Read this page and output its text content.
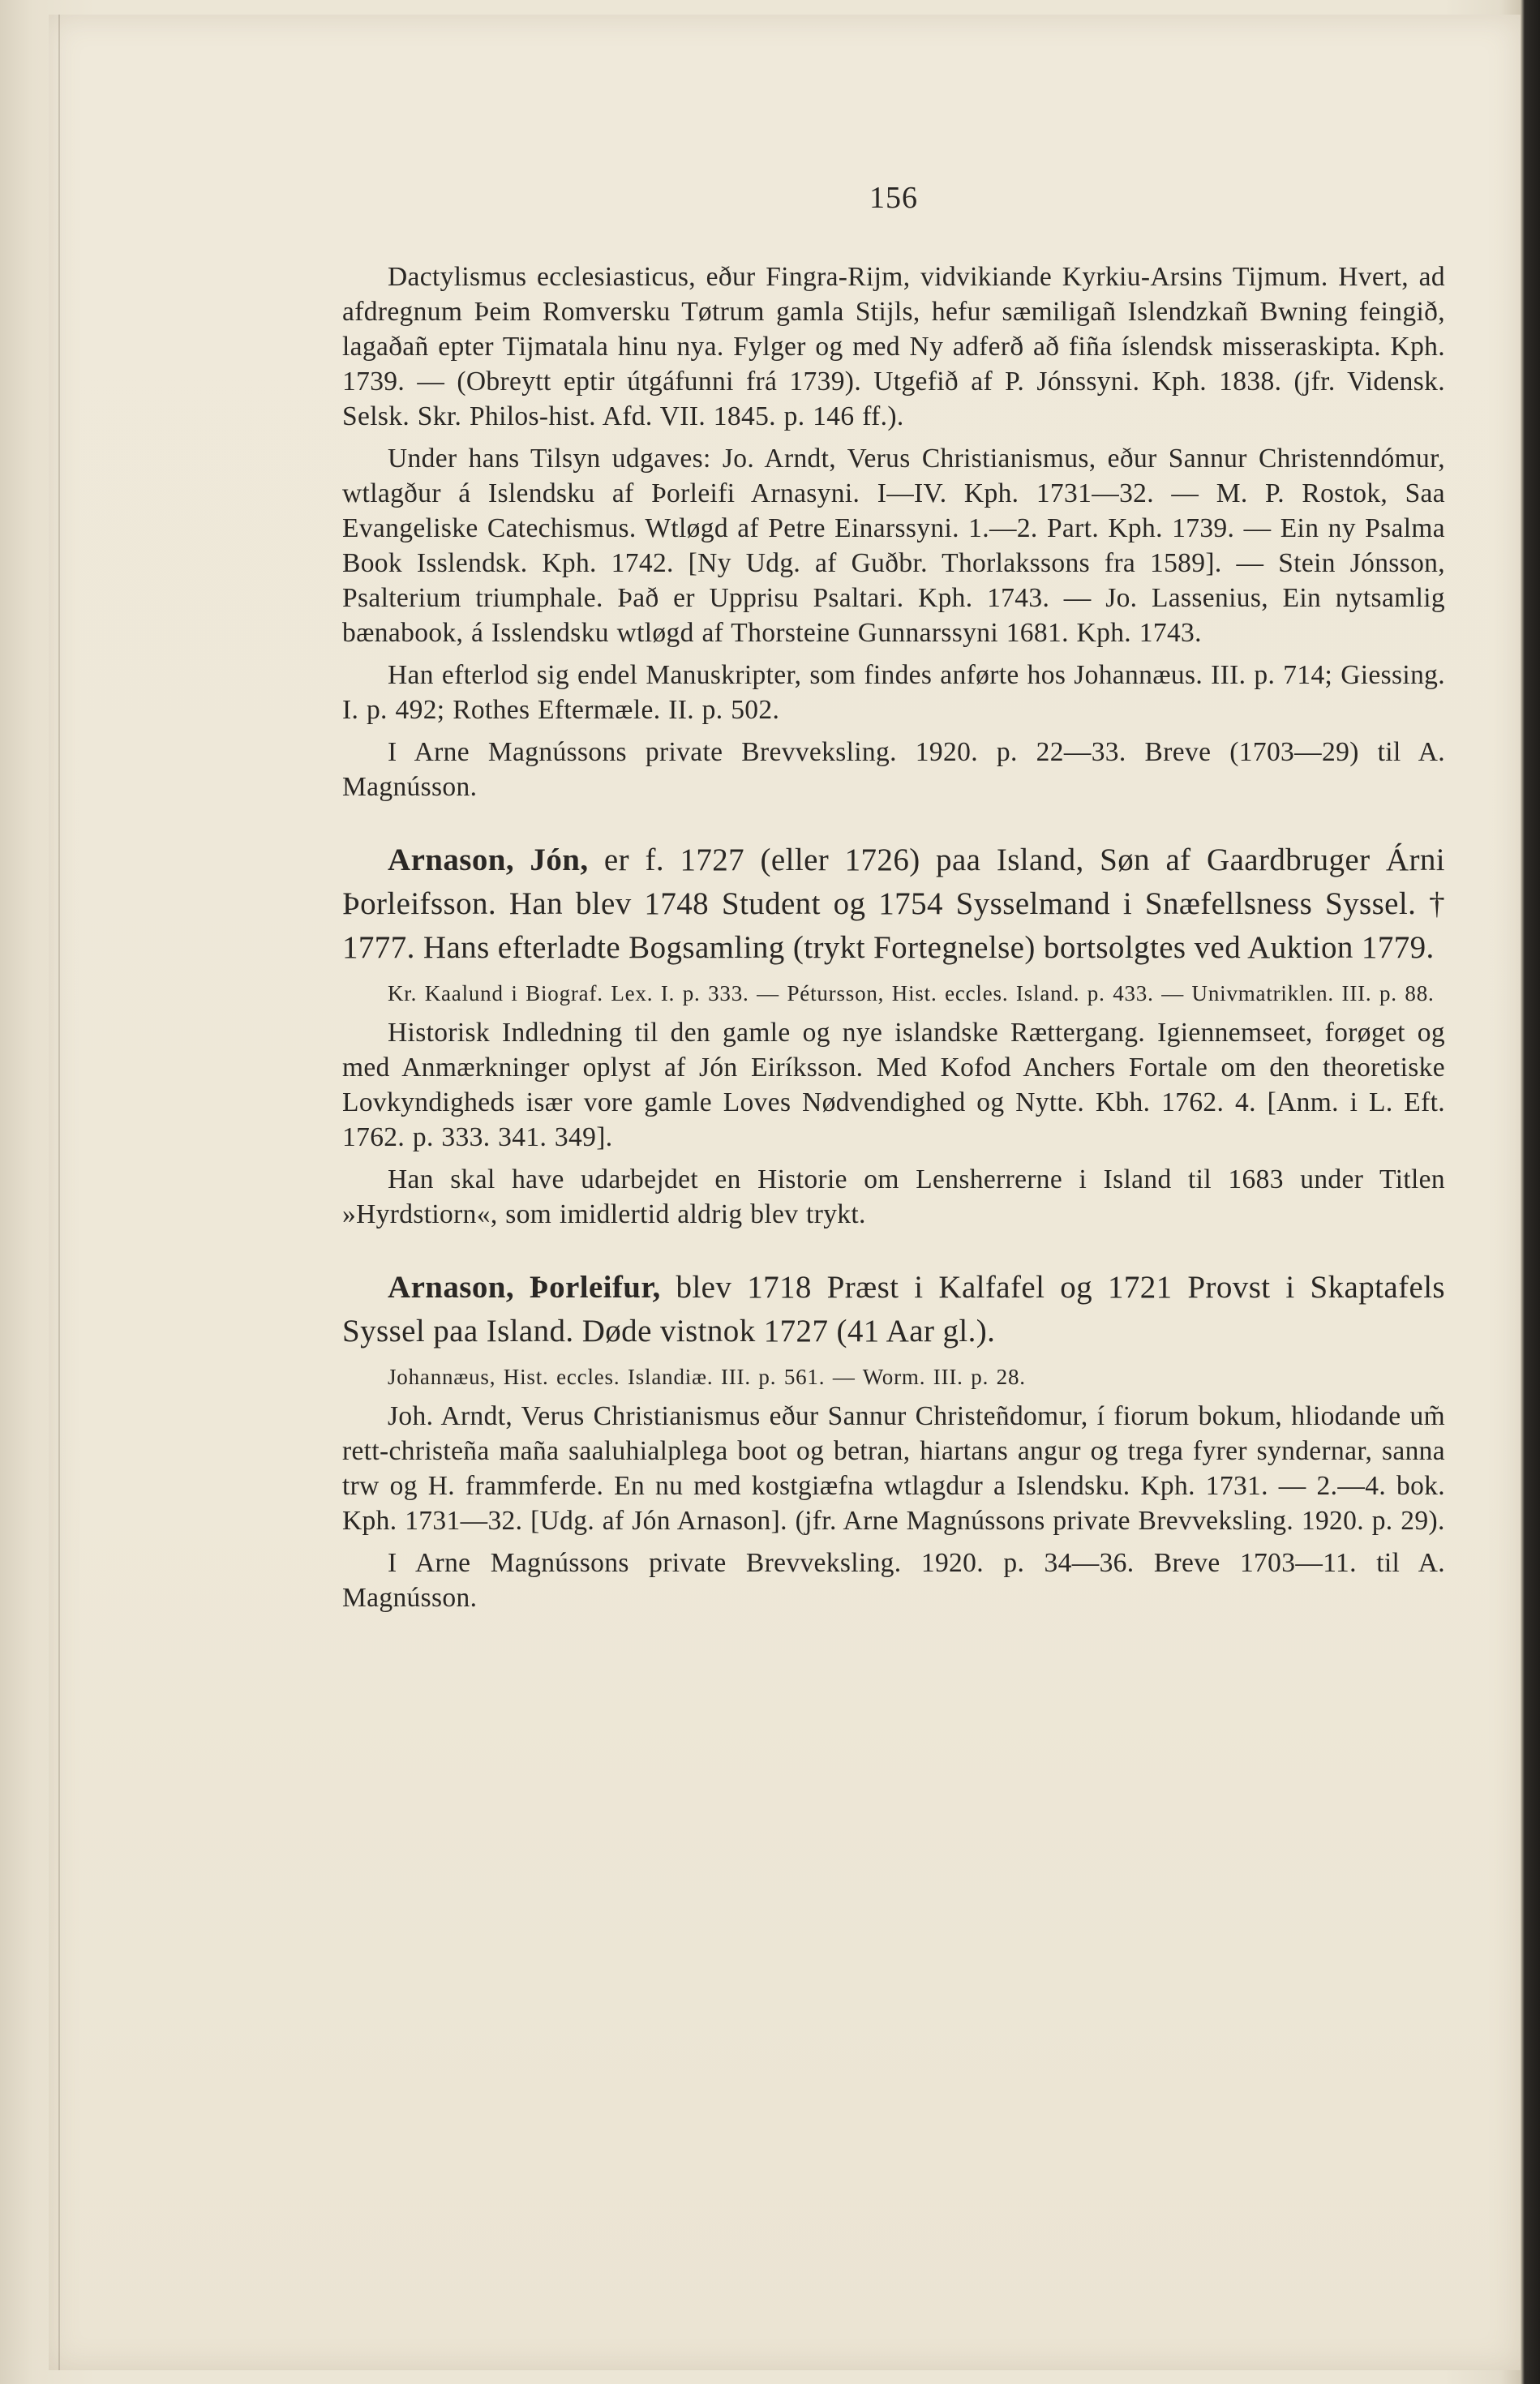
156

Dactylismus ecclesiasticus, eður Fingra-Rijm, vidvikiande Kyrkiu-Arsins Tijmum. Hvert, ad afdregnum Þeim Romversku Tøtrum gamla Stijls, hefur sæmiligañ Islendzkañ Bwning feingið, lagaðañ epter Tijmatala hinu nya. Fylger og med Ny adferð að fiña íslendsk misseraskipta. Kph. 1739. — (Obreytt eptir útgáfunni frá 1739). Utgefið af P. Jónssyni. Kph. 1838. (jfr. Vidensk. Selsk. Skr. Philos-hist. Afd. VII. 1845. p. 146 ff.).

Under hans Tilsyn udgaves: Jo. Arndt, Verus Christianismus, eður Sannur Christenndómur, wtlagður á Islendsku af Þorleifi Arnasyni. I—IV. Kph. 1731—32. — M. P. Rostok, Saa Evangeliske Catechismus. Wtløgd af Petre Einarssyni. 1.—2. Part. Kph. 1739. — Ein ny Psalma Book Isslendsk. Kph. 1742. [Ny Udg. af Guðbr. Thorlakssons fra 1589]. — Stein Jónsson, Psalterium triumphale. Það er Upprisu Psaltari. Kph. 1743. — Jo. Lassenius, Ein nytsamlig bænabook, á Isslendsku wtløgd af Thorsteine Gunnarssyni 1681. Kph. 1743.

Han efterlod sig endel Manuskripter, som findes anførte hos Johannæus. III. p. 714; Giessing. I. p. 492; Rothes Eftermæle. II. p. 502.

I Arne Magnússons private Brevveksling. 1920. p. 22—33. Breve (1703—29) til A. Magnússon.

Arnason, Jón, er f. 1727 (eller 1726) paa Island, Søn af Gaardbruger Árni Þorleifsson. Han blev 1748 Student og 1754 Sysselmand i Snæfellsness Syssel. † 1777. Hans efterladte Bogsamling (trykt Fortegnelse) bortsolgtes ved Auktion 1779.

Kr. Kaalund i Biograf. Lex. I. p. 333. — Pétursson, Hist. eccles. Island. p. 433. — Univmatriklen. III. p. 88.

Historisk Indledning til den gamle og nye islandske Rættergang. Igiennemseet, forøget og med Anmærkninger oplyst af Jón Eiríksson. Med Kofod Anchers Fortale om den theoretiske Lovkyndigheds især vore gamle Loves Nødvendighed og Nytte. Kbh. 1762. 4. [Anm. i L. Eft. 1762. p. 333. 341. 349].

Han skal have udarbejdet en Historie om Lensherrerne i Island til 1683 under Titlen »Hyrdstiorn«, som imidlertid aldrig blev trykt.

Arnason, Þorleifur, blev 1718 Præst i Kalfafel og 1721 Provst i Skaptafels Syssel paa Island. Døde vistnok 1727 (41 Aar gl.).

Johannæus, Hist. eccles. Islandiæ. III. p. 561. — Worm. III. p. 28.

Joh. Arndt, Verus Christianismus eður Sannur Christeñdomur, í fiorum bokum, hliodande um̃ rett-christeña mañа saaluhialplega boot og betran, hiartans angur og trega fyrer syndernar, sanna trw og H. frammferde. En nu med kostgiæfna wtlagdur a Islendsku. Kph. 1731. — 2.—4. bok. Kph. 1731—32. [Udg. af Jón Arnason]. (jfr. Arne Magnússons private Brevveksling. 1920. p. 29).

I Arne Magnússons private Brevveksling. 1920. p. 34—36. Breve 1703—11. til A. Magnússon.
